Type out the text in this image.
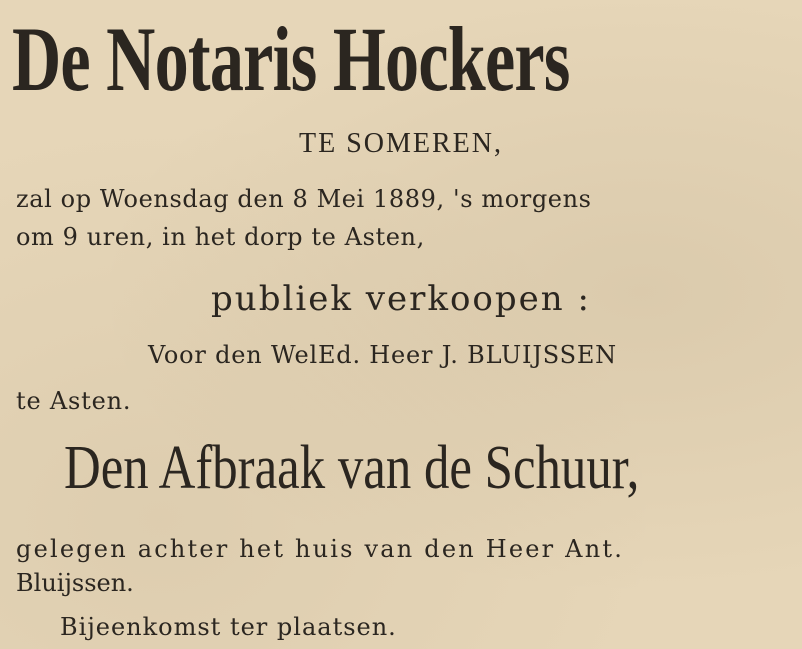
De Notaris Hockers
TE SOMEREN,
zal op Woensdag den 8 Mei 1889, 's morgens
om 9 uren, in het dorp te Asten,
publiek verkoopen :
Voor den WelEd. Heer J. BLUIJSSEN
te Asten.
Den Afbraak van de Schuur,
gelegen achter het huis van den Heer Ant.
Bluijssen.
Bijeenkomst ter plaatsen.
